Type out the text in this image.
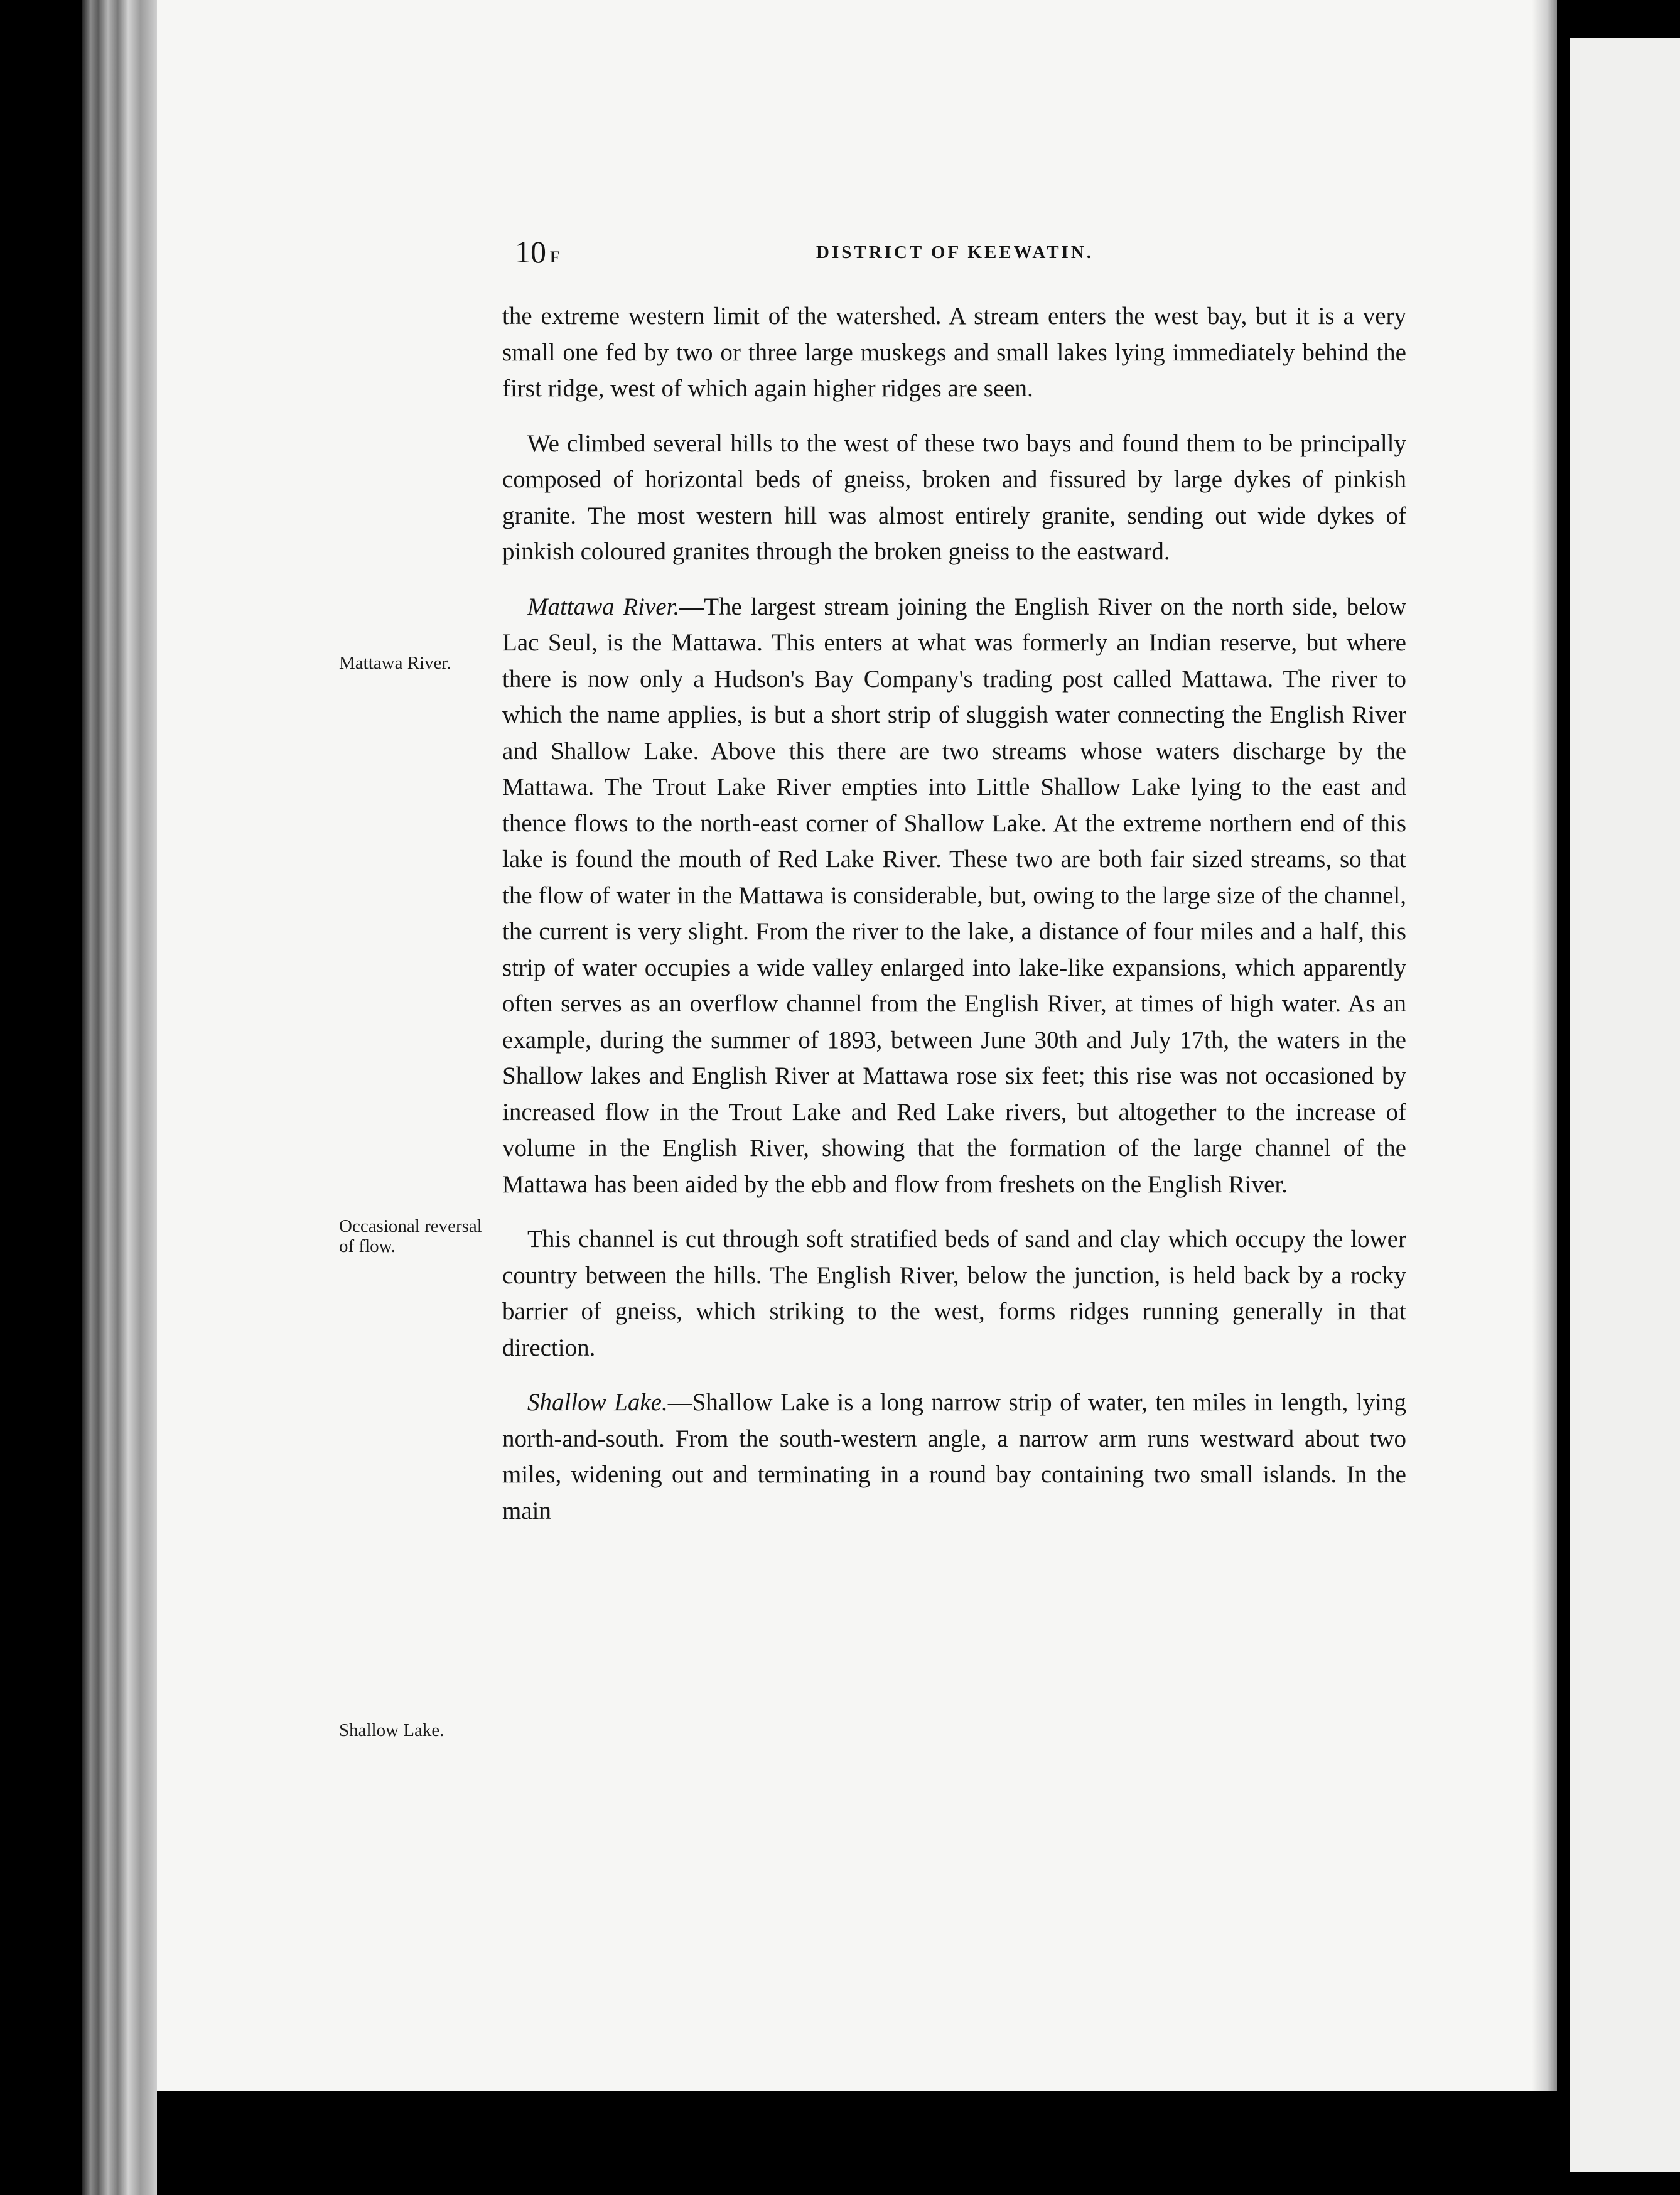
10 F	DISTRICT OF KEEWATIN.
Mattawa River.
Occasional reversal of flow.
Shallow Lake.

the extreme western limit of the watershed. A stream enters the west bay, but it is a very small one fed by two or three large muskegs and small lakes lying immediately behind the first ridge, west of which again higher ridges are seen.

We climbed several hills to the west of these two bays and found them to be principally composed of horizontal beds of gneiss, broken and fissured by large dykes of pinkish granite. The most western hill was almost entirely granite, sending out wide dykes of pinkish coloured granites through the broken gneiss to the eastward.

Mattawa River.—The largest stream joining the English River on the north side, below Lac Seul, is the Mattawa. This enters at what was formerly an Indian reserve, but where there is now only a Hudson's Bay Company's trading post called Mattawa. The river to which the name applies, is but a short strip of sluggish water connecting the English River and Shallow Lake. Above this there are two streams whose waters discharge by the Mattawa. The Trout Lake River empties into Little Shallow Lake lying to the east and thence flows to the north-east corner of Shallow Lake. At the extreme northern end of this lake is found the mouth of Red Lake River. These two are both fair sized streams, so that the flow of water in the Mattawa is considerable, but, owing to the large size of the channel, the current is very slight. From the river to the lake, a distance of four miles and a half, this strip of water occupies a wide valley enlarged into lake-like expansions, which apparently often serves as an overflow channel from the English River, at times of high water. As an example, during the summer of 1893, between June 30th and July 17th, the waters in the Shallow lakes and English River at Mattawa rose six feet; this rise was not occasioned by increased flow in the Trout Lake and Red Lake rivers, but altogether to the increase of volume in the English River, showing that the formation of the large channel of the Mattawa has been aided by the ebb and flow from freshets on the English River.

This channel is cut through soft stratified beds of sand and clay which occupy the lower country between the hills. The English River, below the junction, is held back by a rocky barrier of gneiss, which striking to the west, forms ridges running generally in that direction.

Shallow Lake.—Shallow Lake is a long narrow strip of water, ten miles in length, lying north-and-south. From the south-western angle, a narrow arm runs westward about two miles, widening out and terminating in a round bay containing two small islands. In the main
